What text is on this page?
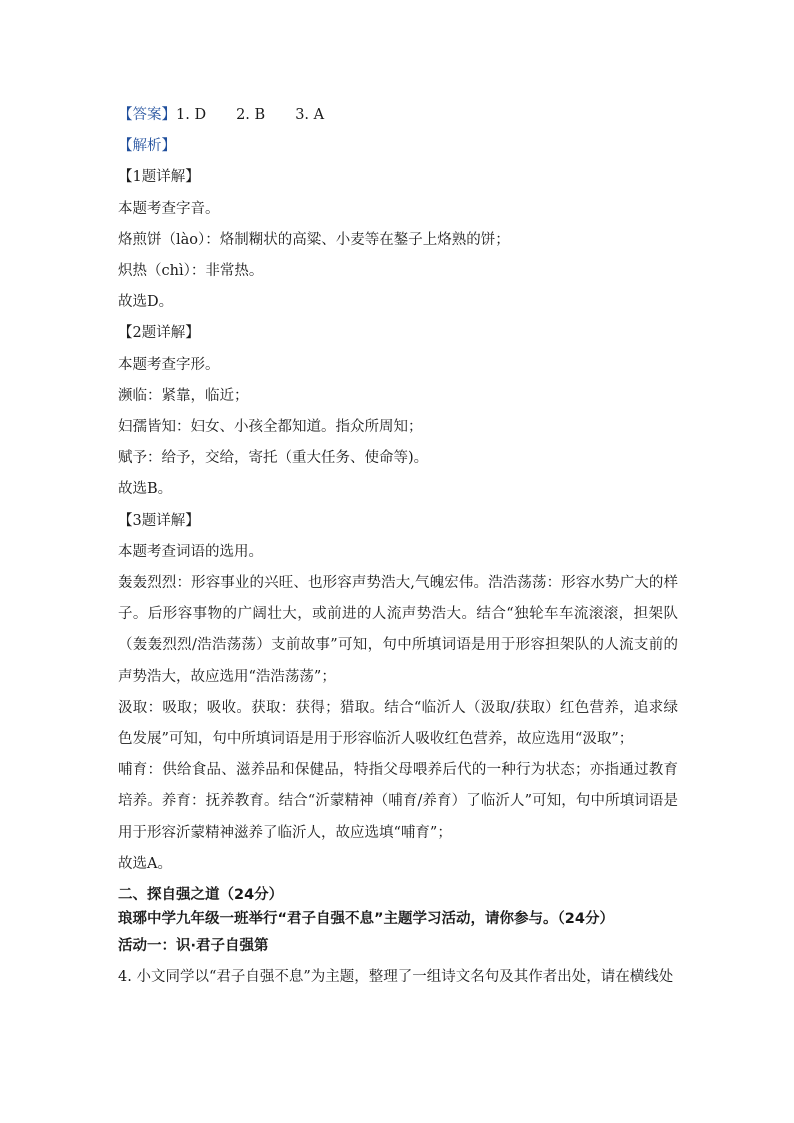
【答案】1. D 2. B 3. A

【解析】

【1题详解】

本题考查字音。

烙煎饼（lào）：烙制糊状的高粱、小麦等在鏊子上烙熟的饼；

炽热（chì）：非常热。

故选D。

【2题详解】

本题考查字形。

濒临：紧靠，临近；

妇孺皆知：妇女、小孩全都知道。指众所周知；

赋予：给予，交给，寄托（重大任务、使命等)。

故选B。

【3题详解】

本题考查词语的选用。

轰轰烈烈：形容事业的兴旺、也形容声势浩大,气魄宏伟。浩浩荡荡：形容水势广大的样子。后形容事物的广阔壮大，或前进的人流声势浩大。结合“独轮车车流滚滚，担架队（轰轰烈烈/浩浩荡荡）支前故事”可知，句中所填词语是用于形容担架队的人流支前的声势浩大，故应选用“浩浩荡荡”；

汲取：吸取；吸收。获取：获得；猎取。结合“临沂人（汲取/获取）红色营养，追求绿色发展”可知，句中所填词语是用于形容临沂人吸收红色营养，故应选用“汲取”；

哺育：供给食品、滋养品和保健品，特指父母喂养后代的一种行为状态；亦指通过教育培养。养育：抚养教育。结合“沂蒙精神（哺育/养育）了临沂人”可知，句中所填词语是用于形容沂蒙精神滋养了临沂人，故应选填“哺育”；

故选A。

二、探自强之道（24分）

琅琊中学九年级一班举行“君子自强不息”主题学习活动，请你参与。（24分）

活动一：识·君子自强第

4. 小文同学以“君子自强不息”为主题，整理了一组诗文名句及其作者出处，请在横线处
